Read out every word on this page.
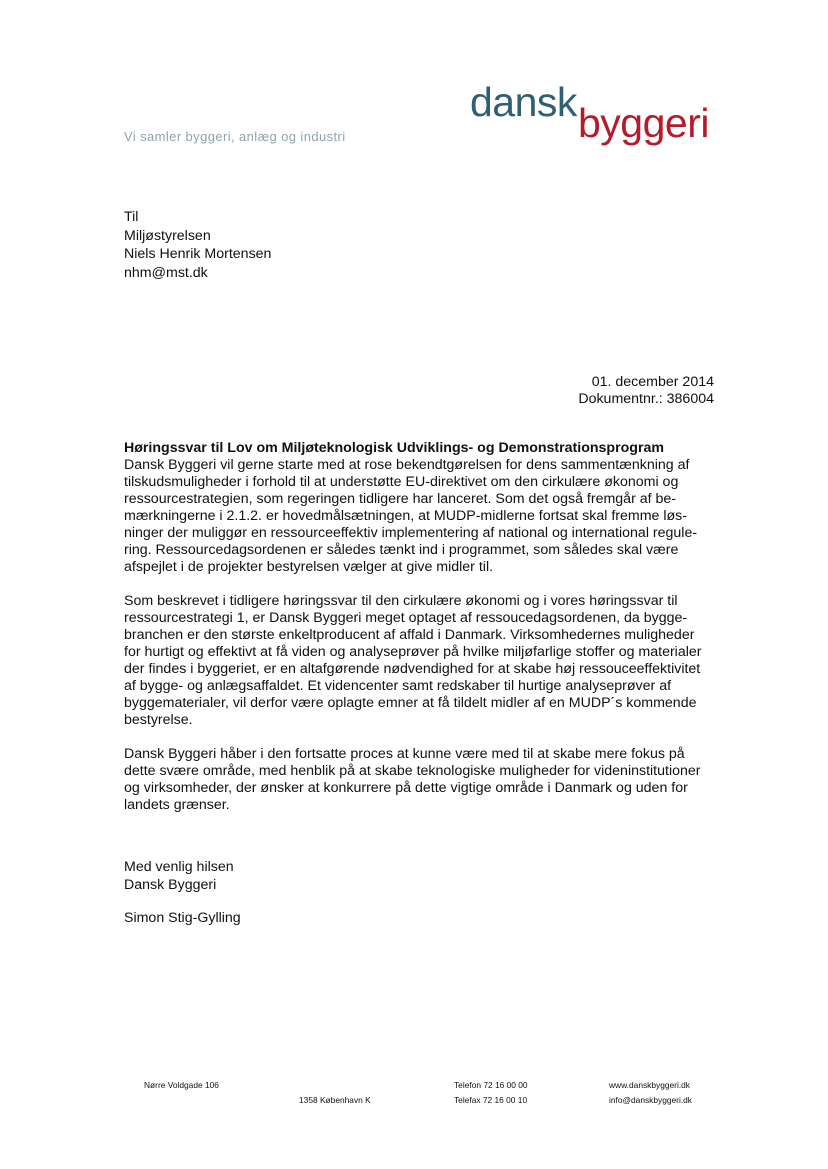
Vi samler byggeri, anlæg og industri
dansk byggeri
Til
Miljøstyrelsen
Niels Henrik Mortensen
nhm@mst.dk
01. december 2014
Dokumentnr.: 386004
Høringssvar til Lov om Miljøteknologisk Udviklings- og Demonstrationsprogram
Dansk Byggeri vil gerne starte med at rose bekendtgørelsen for dens sammentænkning af
tilskudsmuligheder i forhold til at understøtte EU-direktivet om den cirkulære økonomi og
ressourcestrategien, som regeringen tidligere har lanceret. Som det også fremgår af be-
mærkningerne i 2.1.2. er hovedmålsætningen, at MUDP-midlerne fortsat skal fremme løs-
ninger der muliggør en ressourceeffektiv implementering af national og international regule-
ring. Ressourcedagsordenen er således tænkt ind i programmet, som således skal være
afspejlet i de projekter bestyrelsen vælger at give midler til.
Som beskrevet i tidligere høringssvar til den cirkulære økonomi og i vores høringssvar til
ressourcestrategi 1, er Dansk Byggeri meget optaget af ressoucedagsordenen, da bygge-
branchen er den største enkeltproducent af affald i Danmark. Virksomhedernes muligheder
for hurtigt og effektivt at få viden og analyseprøver på hvilke miljøfarlige stoffer og materialer
der findes i byggeriet, er en altafgørende nødvendighed for at skabe høj ressouceeffektivitet
af bygge- og anlægsaffaldet. Et videncenter samt redskaber til hurtige analyseprøver af
byggematerialer, vil derfor være oplagte emner at få tildelt midler af en MUDP´s kommende
bestyrelse.
Dansk Byggeri håber i den fortsatte proces at kunne være med til at skabe mere fokus på
dette svære område, med henblik på at skabe teknologiske muligheder for videninstitutioner
og virksomheder, der ønsker at konkurrere på dette vigtige område i Danmark og uden for
landets grænser.
Med venlig hilsen
Dansk Byggeri
Simon Stig-Gylling
Nørre Voldgade 106
1358 København K
Telefon 72 16 00 00
Telefax 72 16 00 10
www.danskbyggeri.dk
info@danskbyggeri.dk
